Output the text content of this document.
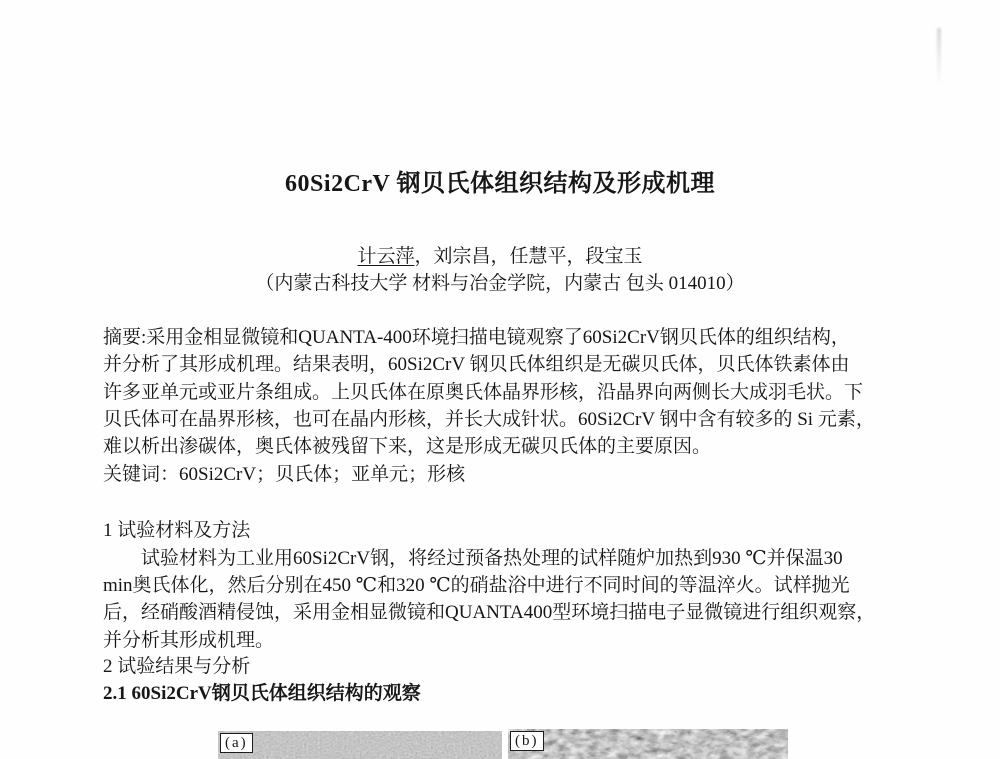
60Si2CrV 钢贝氏体组织结构及形成机理
计云萍，刘宗昌，任慧平，段宝玉
（内蒙古科技大学 材料与冶金学院，内蒙古 包头 014010）
摘要:采用金相显微镜和QUANTA-400环境扫描电镜观察了60Si2CrV钢贝氏体的组织结构，
并分析了其形成机理。结果表明，60Si2CrV 钢贝氏体组织是无碳贝氏体，贝氏体铁素体由
许多亚单元或亚片条组成。上贝氏体在原奥氏体晶界形核，沿晶界向两侧长大成羽毛状。下
贝氏体可在晶界形核，也可在晶内形核，并长大成针状。60Si2CrV 钢中含有较多的 Si 元素，
难以析出渗碳体，奥氏体被残留下来，这是形成无碳贝氏体的主要原因。
关键词：60Si2CrV；贝氏体；亚单元；形核
1 试验材料及方法
试验材料为工业用60Si2CrV钢，将经过预备热处理的试样随炉加热到930 ℃并保温30
min奥氏体化，然后分别在450 ℃和320 ℃的硝盐浴中进行不同时间的等温淬火。试样抛光
后，经硝酸酒精侵蚀，采用金相显微镜和QUANTA400型环境扫描电子显微镜进行组织观察，
并分析其形成机理。
2 试验结果与分析
2.1 60Si2CrV钢贝氏体组织结构的观察
(a)	(b)
